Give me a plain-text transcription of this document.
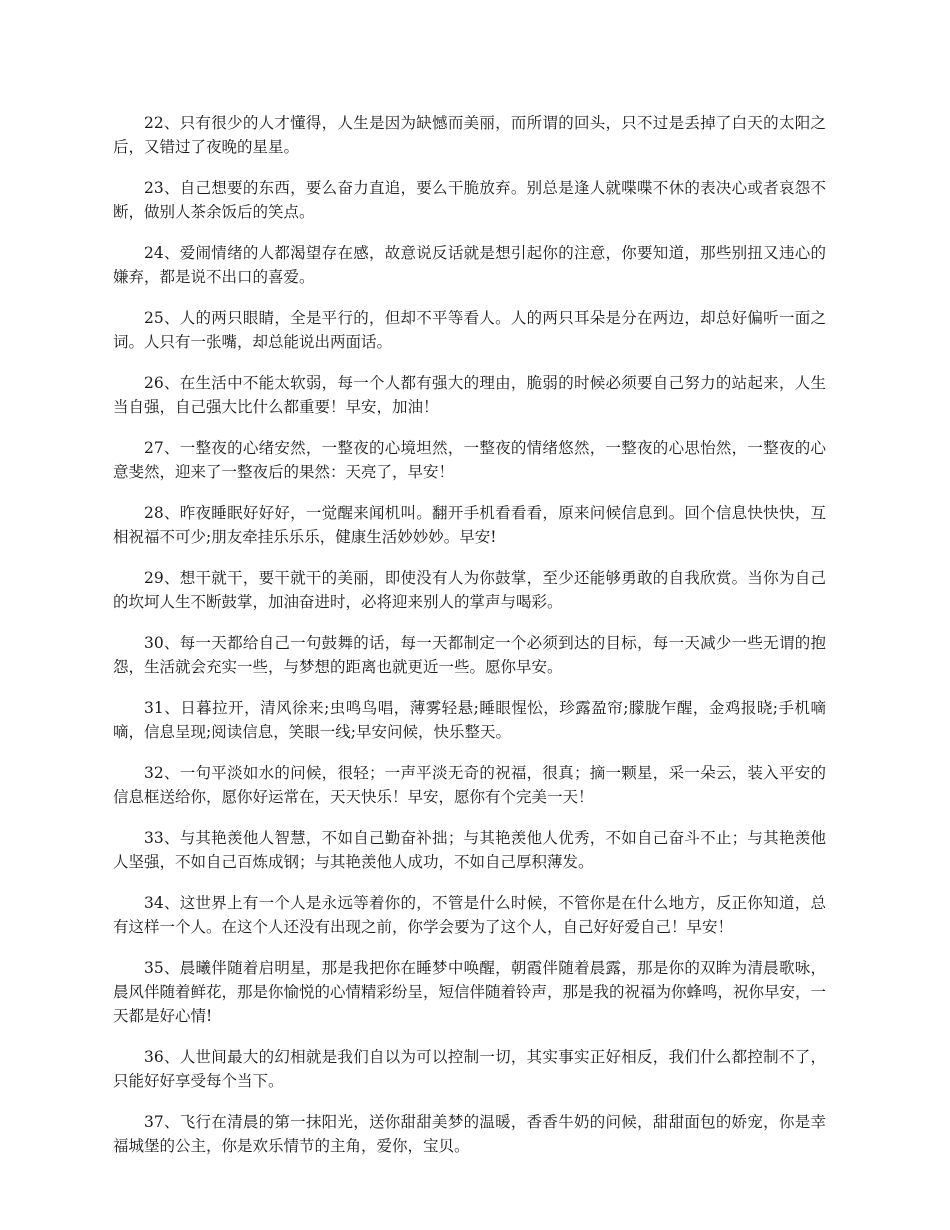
22、只有很少的人才懂得，人生是因为缺憾而美丽，而所谓的回头，只不过是丢掉了白天的太阳之后，又错过了夜晚的星星。

23、自己想要的东西，要么奋力直追，要么干脆放弃。别总是逢人就喋喋不休的表决心或者哀怨不断，做别人茶余饭后的笑点。

24、爱闹情绪的人都渴望存在感，故意说反话就是想引起你的注意，你要知道，那些别扭又违心的嫌弃，都是说不出口的喜爱。

25、人的两只眼睛，全是平行的，但却不平等看人。人的两只耳朵是分在两边，却总好偏听一面之词。人只有一张嘴，却总能说出两面话。

26、在生活中不能太软弱，每一个人都有强大的理由，脆弱的时候必须要自己努力的站起来，人生当自强，自己强大比什么都重要！早安，加油！

27、一整夜的心绪安然，一整夜的心境坦然，一整夜的情绪悠然，一整夜的心思怡然，一整夜的心意斐然，迎来了一整夜后的果然：天亮了，早安！

28、昨夜睡眠好好好，一觉醒来闻机叫。翻开手机看看看，原来问候信息到。回个信息快快快，互相祝福不可少;朋友牵挂乐乐乐，健康生活妙妙妙。早安!

29、想干就干，要干就干的美丽，即使没有人为你鼓掌，至少还能够勇敢的自我欣赏。当你为自己的坎坷人生不断鼓掌，加油奋进时，必将迎来别人的掌声与喝彩。

30、每一天都给自己一句鼓舞的话，每一天都制定一个必须到达的目标，每一天减少一些无谓的抱怨，生活就会充实一些，与梦想的距离也就更近一些。愿你早安。

31、日暮拉开，清风徐来;虫鸣鸟唱，薄雾轻悬;睡眼惺忪，珍露盈帘;朦胧乍醒，金鸡报晓;手机嘀嘀，信息呈现;阅读信息，笑眼一线;早安问候，快乐整天。

32、一句平淡如水的问候，很轻；一声平淡无奇的祝福，很真；摘一颗星，采一朵云，装入平安的信息框送给你，愿你好运常在，天天快乐！早安，愿你有个完美一天！

33、与其艳羡他人智慧，不如自己勤奋补拙；与其艳羡他人优秀，不如自己奋斗不止；与其艳羡他人坚强，不如自己百炼成钢；与其艳羡他人成功，不如自己厚积薄发。

34、这世界上有一个人是永远等着你的，不管是什么时候，不管你是在什么地方，反正你知道，总有这样一个人。在这个人还没有出现之前，你学会要为了这个人，自己好好爱自己！早安！

35、晨曦伴随着启明星，那是我把你在睡梦中唤醒，朝霞伴随着晨露，那是你的双眸为清晨歌咏，晨风伴随着鲜花，那是你愉悦的心情精彩纷呈，短信伴随着铃声，那是我的祝福为你蜂鸣，祝你早安，一天都是好心情!

36、人世间最大的幻相就是我们自以为可以控制一切，其实事实正好相反，我们什么都控制不了，只能好好享受每个当下。

37、飞行在清晨的第一抹阳光，送你甜甜美梦的温暖，香香牛奶的问候，甜甜面包的娇宠，你是幸福城堡的公主，你是欢乐情节的主角，爱你，宝贝。
